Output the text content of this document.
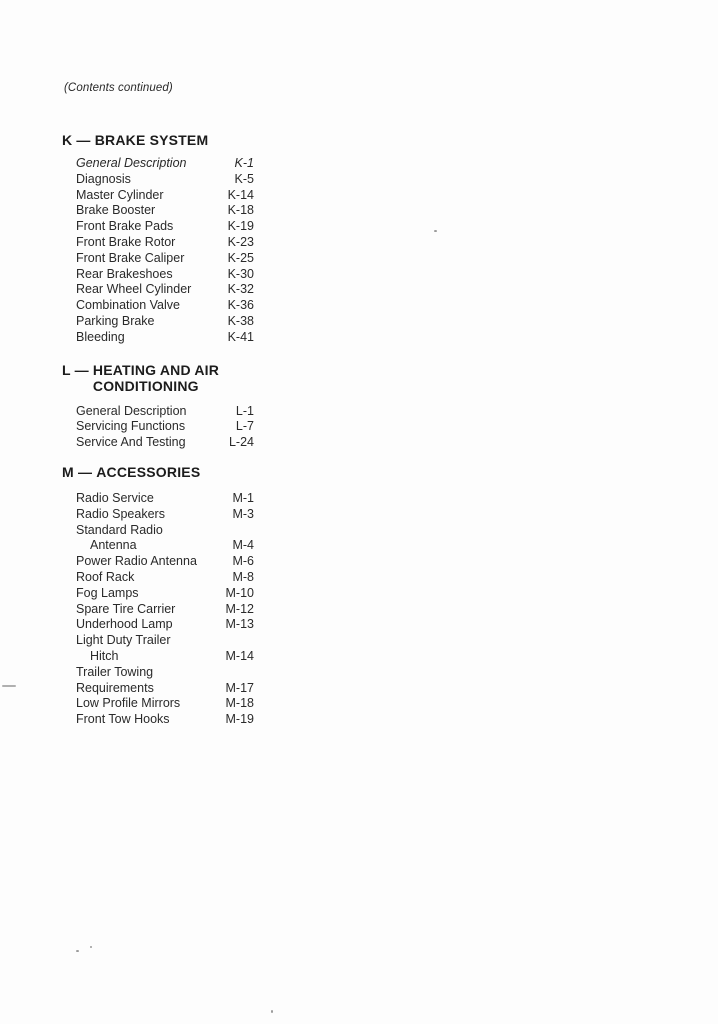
(Contents continued)
K — BRAKE SYSTEM
General Description	K-1
Diagnosis	K-5
Master Cylinder	K-14
Brake Booster	K-18
Front Brake Pads	K-19
Front Brake Rotor	K-23
Front Brake Caliper	K-25
Rear Brakeshoes	K-30
Rear Wheel Cylinder	K-32
Combination Valve	K-36
Parking Brake	K-38
Bleeding	K-41
L — HEATING AND AIR
CONDITIONING
General Description	L-1
Servicing Functions	L-7
Service And Testing	L-24
M — ACCESSORIES
Radio Service	M-1
Radio Speakers	M-3
Standard Radio
Antenna	M-4
Power Radio Antenna	M-6
Roof Rack	M-8
Fog Lamps	M-10
Spare Tire Carrier	M-12
Underhood Lamp	M-13
Light Duty Trailer
Hitch	M-14
Trailer Towing
Requirements	M-17
Low Profile Mirrors	M-18
Front Tow Hooks	M-19
